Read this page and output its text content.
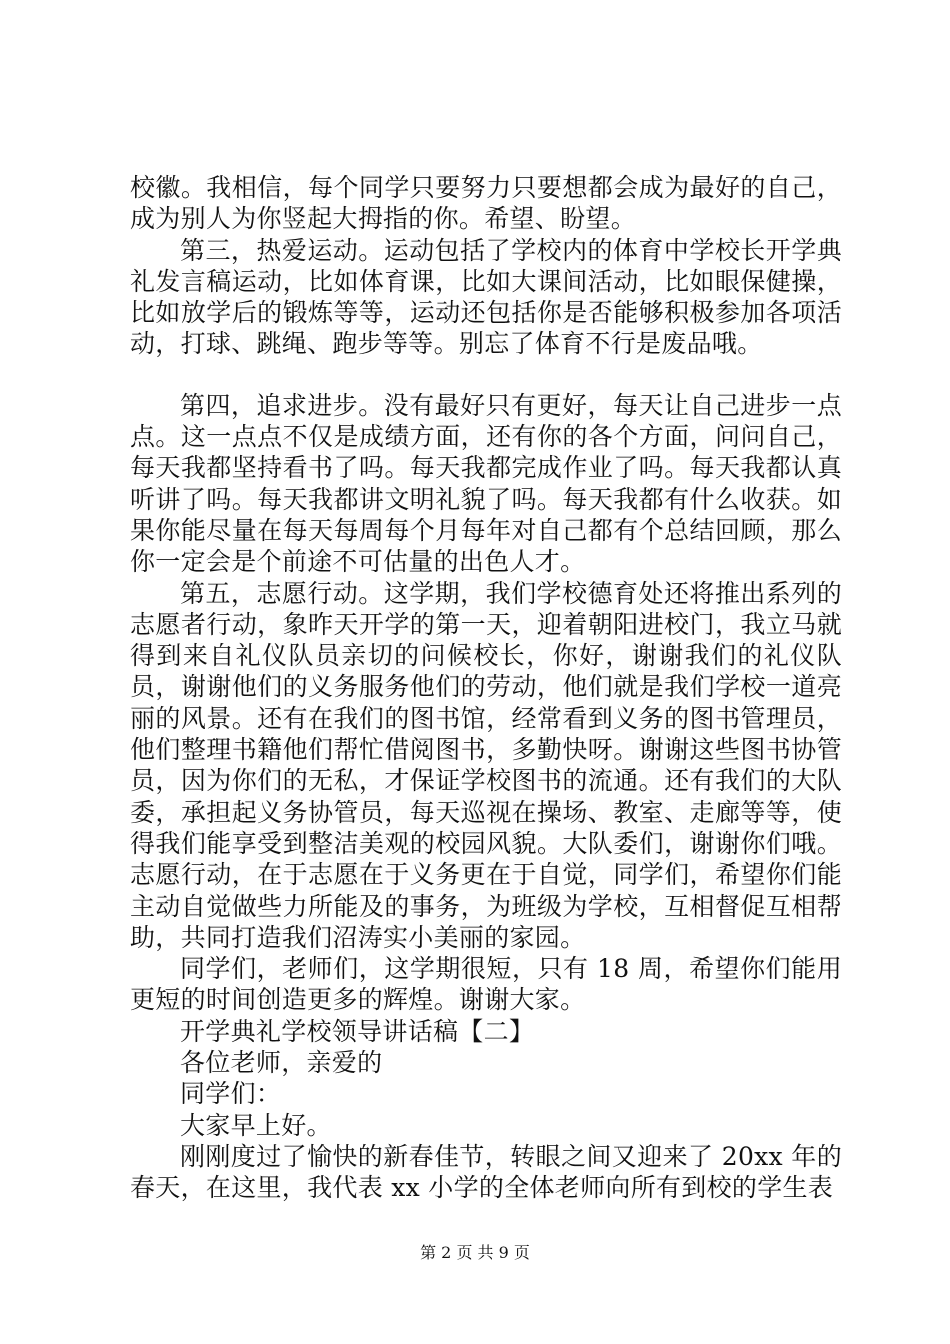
校徽。我相信，每个同学只要努力只要想都会成为最好的自己，成为别人为你竖起大拇指的你。希望、盼望。

第三，热爱运动。运动包括了学校内的体育中学校长开学典礼发言稿运动，比如体育课，比如大课间活动，比如眼保健操，比如放学后的锻炼等等，运动还包括你是否能够积极参加各项活动，打球、跳绳、跑步等等。别忘了体育不行是废品哦。

第四，追求进步。没有最好只有更好，每天让自己进步一点点。这一点点不仅是成绩方面，还有你的各个方面，问问自己，每天我都坚持看书了吗。每天我都完成作业了吗。每天我都认真听讲了吗。每天我都讲文明礼貌了吗。每天我都有什么收获。如果你能尽量在每天每周每个月每年对自己都有个总结回顾，那么你一定会是个前途不可估量的出色人才。

第五，志愿行动。这学期，我们学校德育处还将推出系列的志愿者行动，象昨天开学的第一天，迎着朝阳进校门，我立马就得到来自礼仪队员亲切的问候校长，你好，谢谢我们的礼仪队员，谢谢他们的义务服务他们的劳动，他们就是我们学校一道亮丽的风景。还有在我们的图书馆，经常看到义务的图书管理员，他们整理书籍他们帮忙借阅图书，多勤快呀。谢谢这些图书协管员，因为你们的无私，才保证学校图书的流通。还有我们的大队委，承担起义务协管员，每天巡视在操场、教室、走廊等等，使得我们能享受到整洁美观的校园风貌。大队委们，谢谢你们哦。志愿行动，在于志愿在于义务更在于自觉，同学们，希望你们能主动自觉做些力所能及的事务，为班级为学校，互相督促互相帮助，共同打造我们沼涛实小美丽的家园。

同学们，老师们，这学期很短，只有 18 周，希望你们能用更短的时间创造更多的辉煌。谢谢大家。

开学典礼学校领导讲话稿【二】

各位老师，亲爱的

同学们：

大家早上好。

刚刚度过了愉快的新春佳节，转眼之间又迎来了 20xx 年的春天，在这里，我代表 xx 小学的全体老师向所有到校的学生表

第 2 页 共 9 页
